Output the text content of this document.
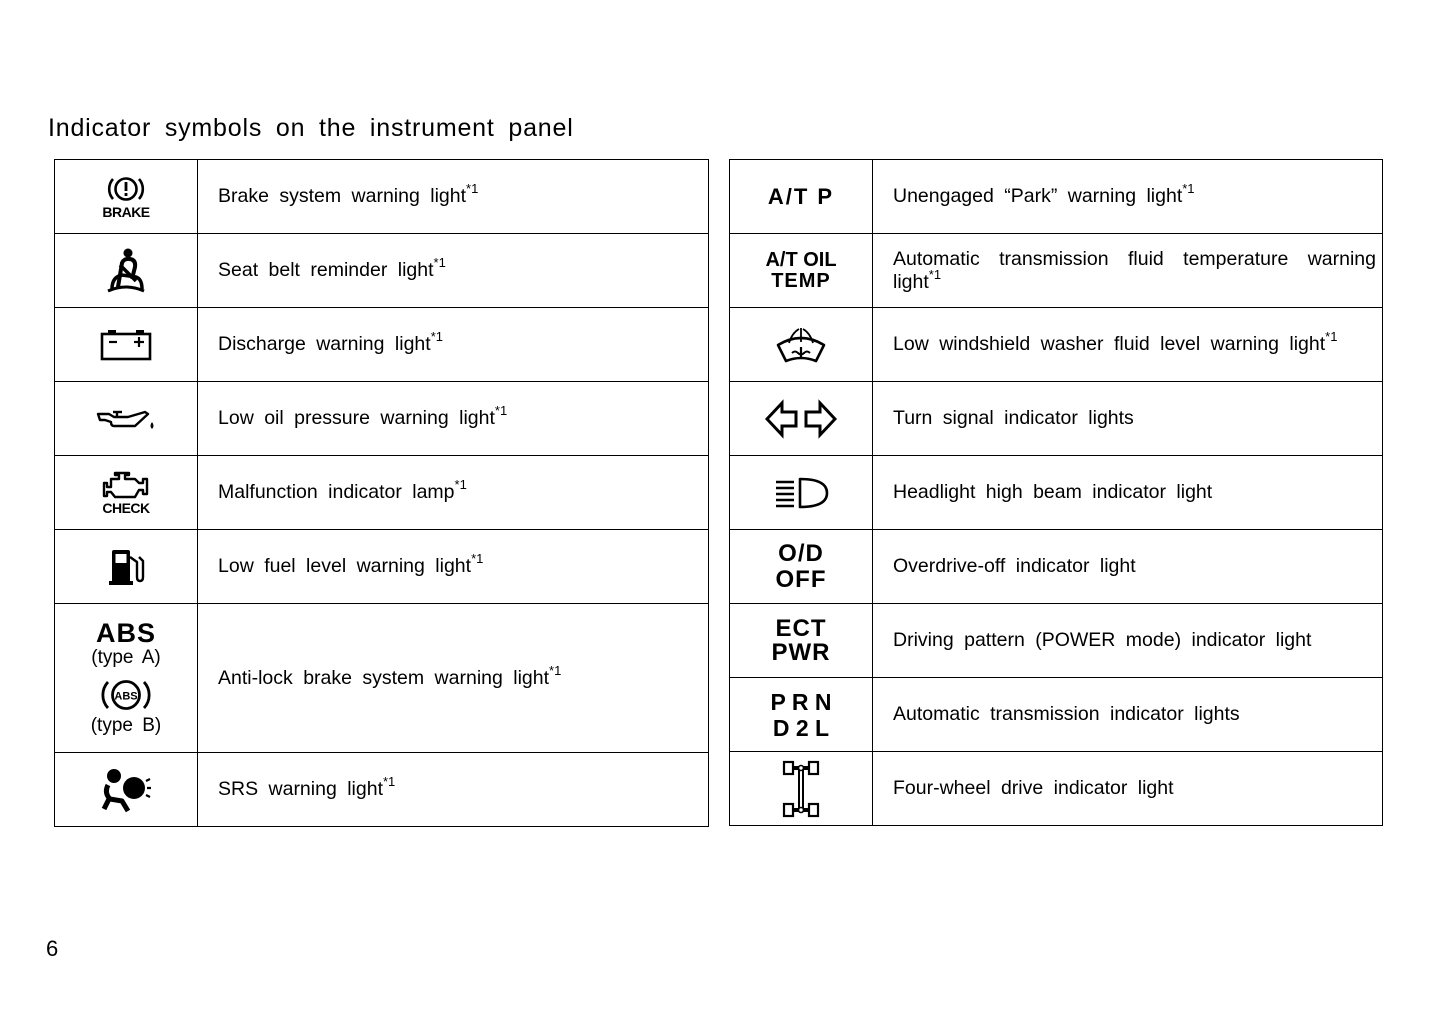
Indicator symbols on the instrument panel
BRAKE	Brake system warning light$^{*1}$

	Seat belt reminder light$^{*1}$

	Discharge warning light$^{*1}$

	Low oil pressure warning light$^{*1}$

CHECK	Malfunction indicator lamp$^{*1}$

	Low fuel level warning light$^{*1}$

ABS
(type A)
ABS
(type B)	Anti-lock brake system warning light$^{*1}$

	SRS warning light$^{*1}$
A/T P	Unengaged “Park” warning light$^{*1}$

A/T OIL
TEMP	Automatic transmission fluid temperature warning light$^{*1}$

	Low windshield washer fluid level warning light$^{*1}$

	Turn signal indicator lights

	Headlight high beam indicator light

O/D
OFF	Overdrive-off indicator light

ECT
PWR	Driving pattern (POWER mode) indicator light

P R N
D 2 L	Automatic transmission indicator lights

	Four-wheel drive indicator light
6
